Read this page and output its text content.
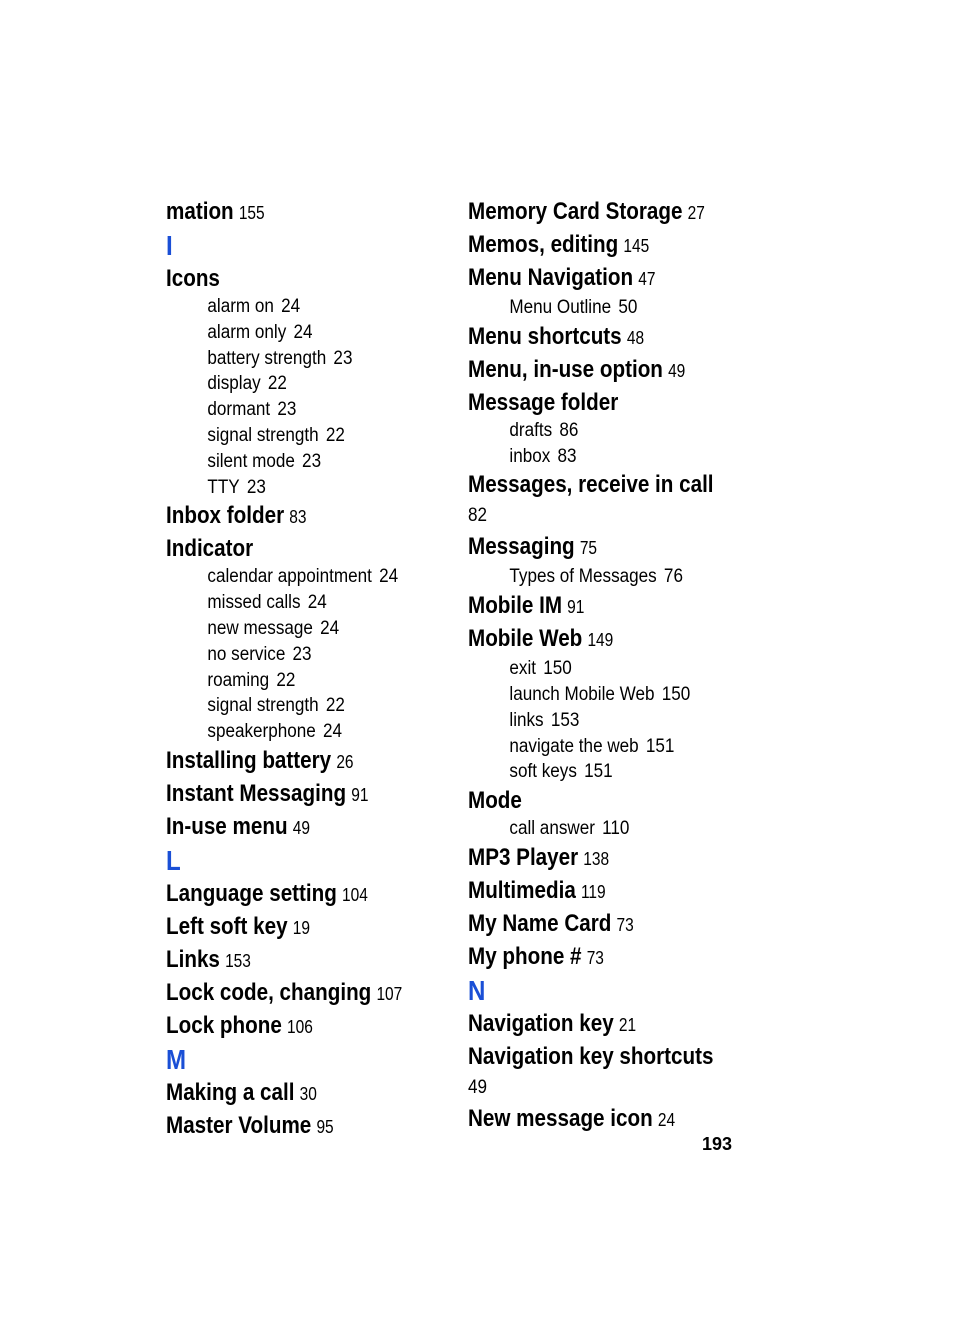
mation 155
I
Icons
alarm on 24
alarm only 24
battery strength 23
display 22
dormant 23
signal strength 22
silent mode 23
TTY 23
Inbox folder 83
Indicator
calendar appointment 24
missed calls 24
new message 24
no service 23
roaming 22
signal strength 22
speakerphone 24
Installing battery 26
Instant Messaging 91
In-use menu 49
L
Language setting 104
Left soft key 19
Links 153
Lock code, changing 107
Lock phone 106
M
Making a call 30
Master Volume 95
Memory Card Storage 27
Memos, editing 145
Menu Navigation 47
Menu Outline 50
Menu shortcuts 48
Menu, in-use option 49
Message folder
drafts 86
inbox 83
Messages, receive in call
82
Messaging 75
Types of Messages 76
Mobile IM 91
Mobile Web 149
exit 150
launch Mobile Web 150
links 153
navigate the web 151
soft keys 151
Mode
call answer 110
MP3 Player 138
Multimedia 119
My Name Card 73
My phone # 73
N
Navigation key 21
Navigation key shortcuts
49
New message icon 24
193
